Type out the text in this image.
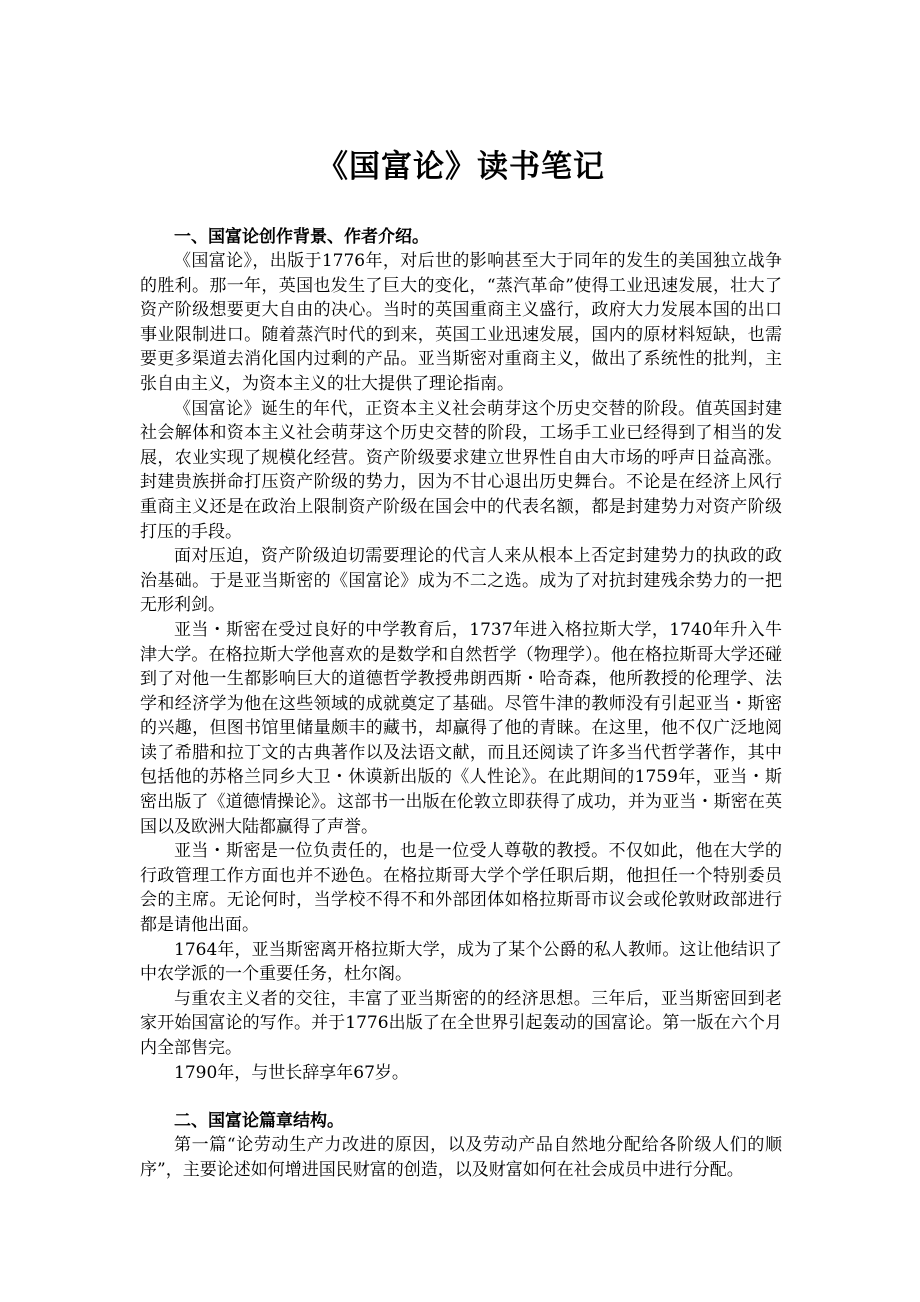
《国富论》读书笔记

一、国富论创作背景、作者介绍。

《国富论》，出版于1776年，对后世的影响甚至大于同年的发生的美国独立战争的胜利。那一年，英国也发生了巨大的变化，“蒸汽革命”使得工业迅速发展，壮大了资产阶级想要更大自由的决心。当时的英国重商主义盛行，政府大力发展本国的出口事业限制进口。随着蒸汽时代的到来，英国工业迅速发展，国内的原材料短缺，也需要更多渠道去消化国内过剩的产品。亚当斯密对重商主义，做出了系统性的批判，主张自由主义，为资本主义的壮大提供了理论指南。

《国富论》诞生的年代，正资本主义社会萌芽这个历史交替的阶段。值英国封建社会解体和资本主义社会萌芽这个历史交替的阶段，工场手工业已经得到了相当的发展，农业实现了规模化经营。资产阶级要求建立世界性自由大市场的呼声日益高涨。封建贵族拼命打压资产阶级的势力，因为不甘心退出历史舞台。不论是在经济上风行重商主义还是在政治上限制资产阶级在国会中的代表名额，都是封建势力对资产阶级打压的手段。

面对压迫，资产阶级迫切需要理论的代言人来从根本上否定封建势力的执政的政治基础。于是亚当斯密的《国富论》成为不二之选。成为了对抗封建残余势力的一把无形利剑。

亚当・斯密在受过良好的中学教育后，1737年进入格拉斯大学，1740年升入牛津大学。在格拉斯大学他喜欢的是数学和自然哲学（物理学）。他在格拉斯哥大学还碰到了对他一生都影响巨大的道德哲学教授弗朗西斯・哈奇森，他所教授的伦理学、法学和经济学为他在这些领域的成就奠定了基础。尽管牛津的教师没有引起亚当・斯密的兴趣，但图书馆里储量颇丰的藏书，却赢得了他的青睐。在这里，他不仅广泛地阅读了希腊和拉丁文的古典著作以及法语文献，而且还阅读了许多当代哲学著作，其中包括他的苏格兰同乡大卫・休谟新出版的《人性论》。在此期间的1759年，亚当・斯密出版了《道德情操论》。这部书一出版在伦敦立即获得了成功，并为亚当・斯密在英国以及欧洲大陆都赢得了声誉。

亚当・斯密是一位负责任的，也是一位受人尊敬的教授。不仅如此，他在大学的行政管理工作方面也并不逊色。在格拉斯哥大学个学任职后期，他担任一个特别委员会的主席。无论何时，当学校不得不和外部团体如格拉斯哥市议会或伦敦财政部进行都是请他出面。

1764年，亚当斯密离开格拉斯大学，成为了某个公爵的私人教师。这让他结识了中农学派的一个重要任务，杜尔阁。

与重农主义者的交往，丰富了亚当斯密的的经济思想。三年后，亚当斯密回到老家开始国富论的写作。并于1776出版了在全世界引起轰动的国富论。第一版在六个月内全部售完。

1790年，与世长辞享年67岁。

二、国富论篇章结构。

第一篇“论劳动生产力改进的原因，以及劳动产品自然地分配给各阶级人们的顺序”，主要论述如何增进国民财富的创造，以及财富如何在社会成员中进行分配。
